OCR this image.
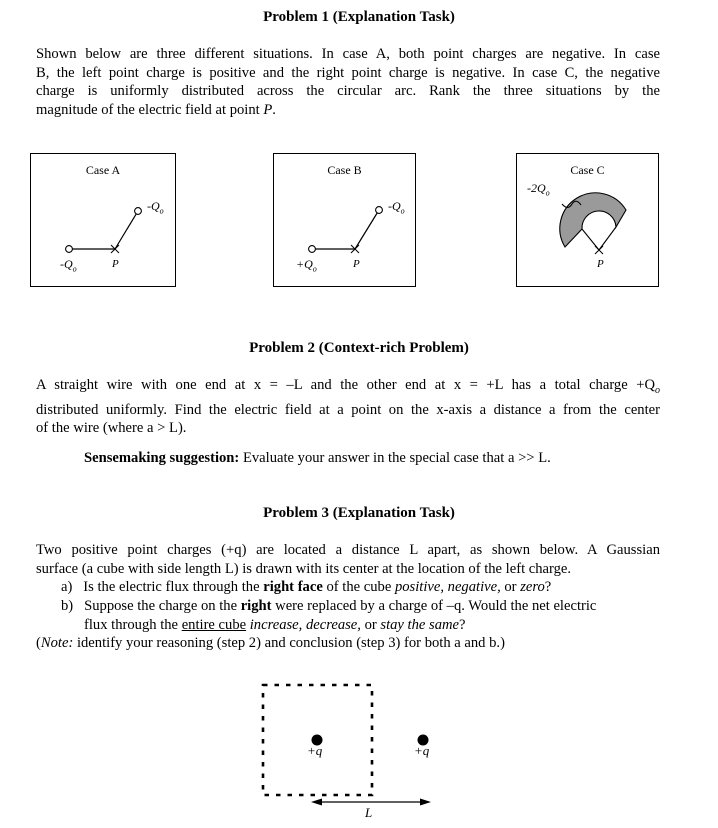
Problem 1 (Explanation Task)
Shown below are three different situations. In case A, both point charges are negative. In case
B, the left point charge is positive and the right point charge is negative. In case C, the negative
charge is uniformly distributed across the circular arc. Rank the three situations by the
magnitude of the electric field at point P.
Case A
$-Q_o$
$-Q_o$
P
Case B
$+Q_o$
$-Q_o$
P
Case C
$-2Q_o$
P
Problem 2 (Context-rich Problem)
A straight wire with one end at x = –L and the other end at x = +L has a total charge $+Q_o$
distributed uniformly. Find the electric field at a point on the x-axis a distance a from the center
of the wire (where a > L).
Sensemaking suggestion: Evaluate your answer in the special case that a >> L.
Problem 3 (Explanation Task)
Two positive point charges (+q) are located a distance L apart, as shown below. A Gaussian
surface (a cube with side length L) is drawn with its center at the location of the left charge.
a) Is the electric flux through the right face of the cube positive, negative, or zero?
b) Suppose the charge on the right were replaced by a charge of –q. Would the net electric
flux through the entire cube increase, decrease, or stay the same?
(Note: identify your reasoning (step 2) and conclusion (step 3) for both a and b.)
+q	+q
L
